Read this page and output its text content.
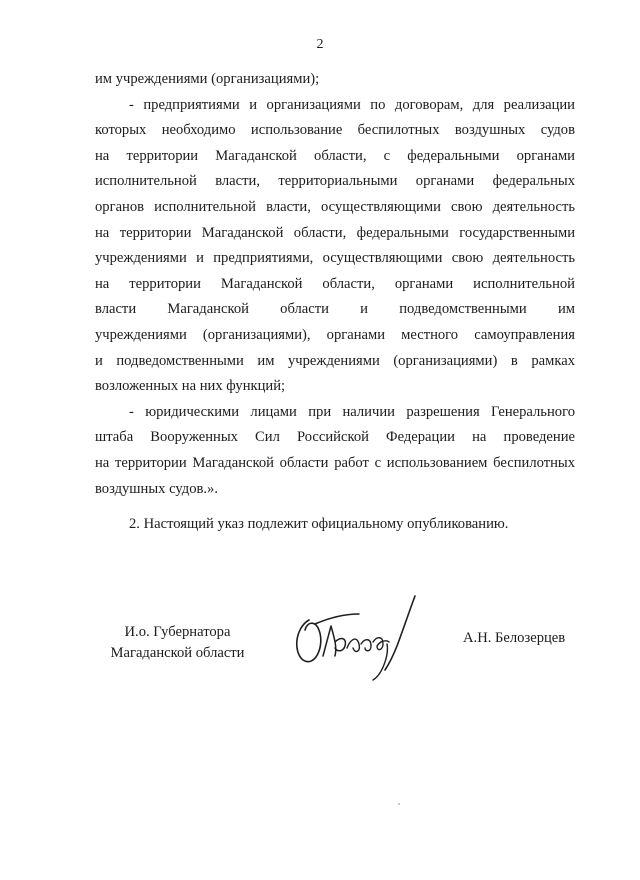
2

им учреждениями (организациями);

- предприятиями и организациями по договорам, для реализации
которых необходимо использование беспилотных воздушных судов
на территории Магаданской области, с федеральными органами
исполнительной власти, территориальными органами федеральных
органов исполнительной власти, осуществляющими свою деятельность
на территории Магаданской области, федеральными государственными
учреждениями и предприятиями, осуществляющими свою деятельность
на территории Магаданской области, органами исполнительной
власти Магаданской области и подведомственными им
учреждениями (организациями), органами местного самоуправления
и подведомственными им учреждениями (организациями) в рамках
возложенных на них функций;

- юридическими лицами при наличии разрешения Генерального
штаба Вооруженных Сил Российской Федерации на проведение
на территории Магаданской области работ с использованием беспилотных
воздушных судов.».

2. Настоящий указ подлежит официальному опубликованию.

И.о. Губернатора
Магаданской области
А.Н. Белозерцев
